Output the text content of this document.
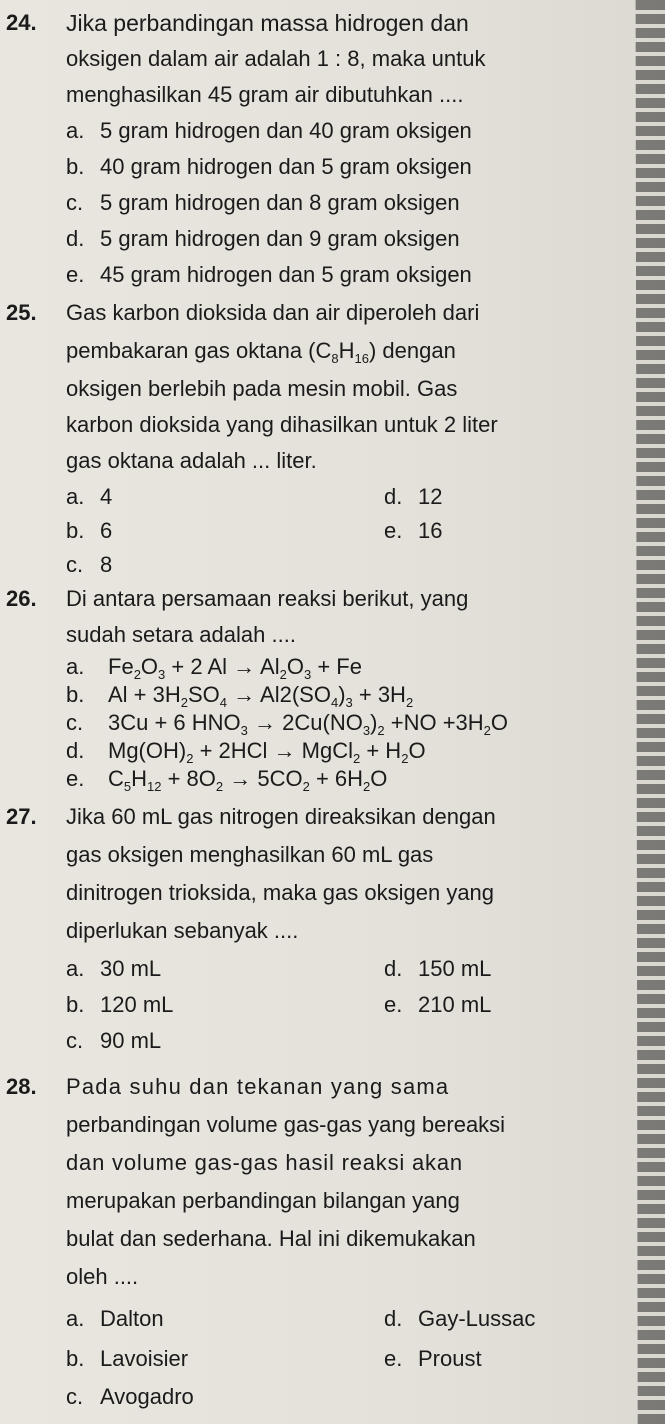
24. Jika perbandingan massa hidrogen dan
oksigen dalam air adalah 1 : 8, maka untuk
menghasilkan 45 gram air dibutuhkan ....
a. 5 gram hidrogen dan 40 gram oksigen
b. 40 gram hidrogen dan 5 gram oksigen
c. 5 gram hidrogen dan 8 gram oksigen
d. 5 gram hidrogen dan 9 gram oksigen
e. 45 gram hidrogen dan 5 gram oksigen
25. Gas karbon dioksida dan air diperoleh dari
pembakaran gas oktana $(C_8H_{16})$ dengan
oksigen berlebih pada mesin mobil. Gas
karbon dioksida yang dihasilkan untuk 2 liter
gas oktana adalah ... liter.
a. 4
b. 6
c. 8
d. 12
e. 16
26. Di antara persamaan reaksi berikut, yang
sudah setara adalah ....
a. $Fe_2O_3 + 2$ $Al \to Al_2O_3 + Fe$
b. $Al + 3H_2SO_4 \to Al2(SO_4)_3 + 3H_2$
c. 3Cu + 6 $HNO_3 \to 2Cu(NO_3)_2 +NO +3H_2O$
d. $Mg(OH)_2 + 2HCl$ → MgCl$_2$ + $H_2O$
e. $C_5H_{12} + 8O_2 \to 5CO_2 + 6H_2O$
27. Jika 60 mL gas nitrogen direaksikan dengan
gas oksigen menghasilkan 60 mL gas
dinitrogen trioksida, maka gas oksigen yang
diperlukan sebanyak ....
a. 30 mL
b. 120 mL
c. 90 mL
d. 150 mL
e. 210 mL
28. Pada suhu dan tekanan yang sama
perbandingan volume gas-gas yang bereaksi
dan volume gas-gas hasil reaksi akan
merupakan perbandingan bilangan yang
bulat dan sederhana. Hal ini dikemukakan
oleh ....
a. Dalton
b. Lavoisier
c. Avogadro
d. Gay-Lussac
e. Proust
